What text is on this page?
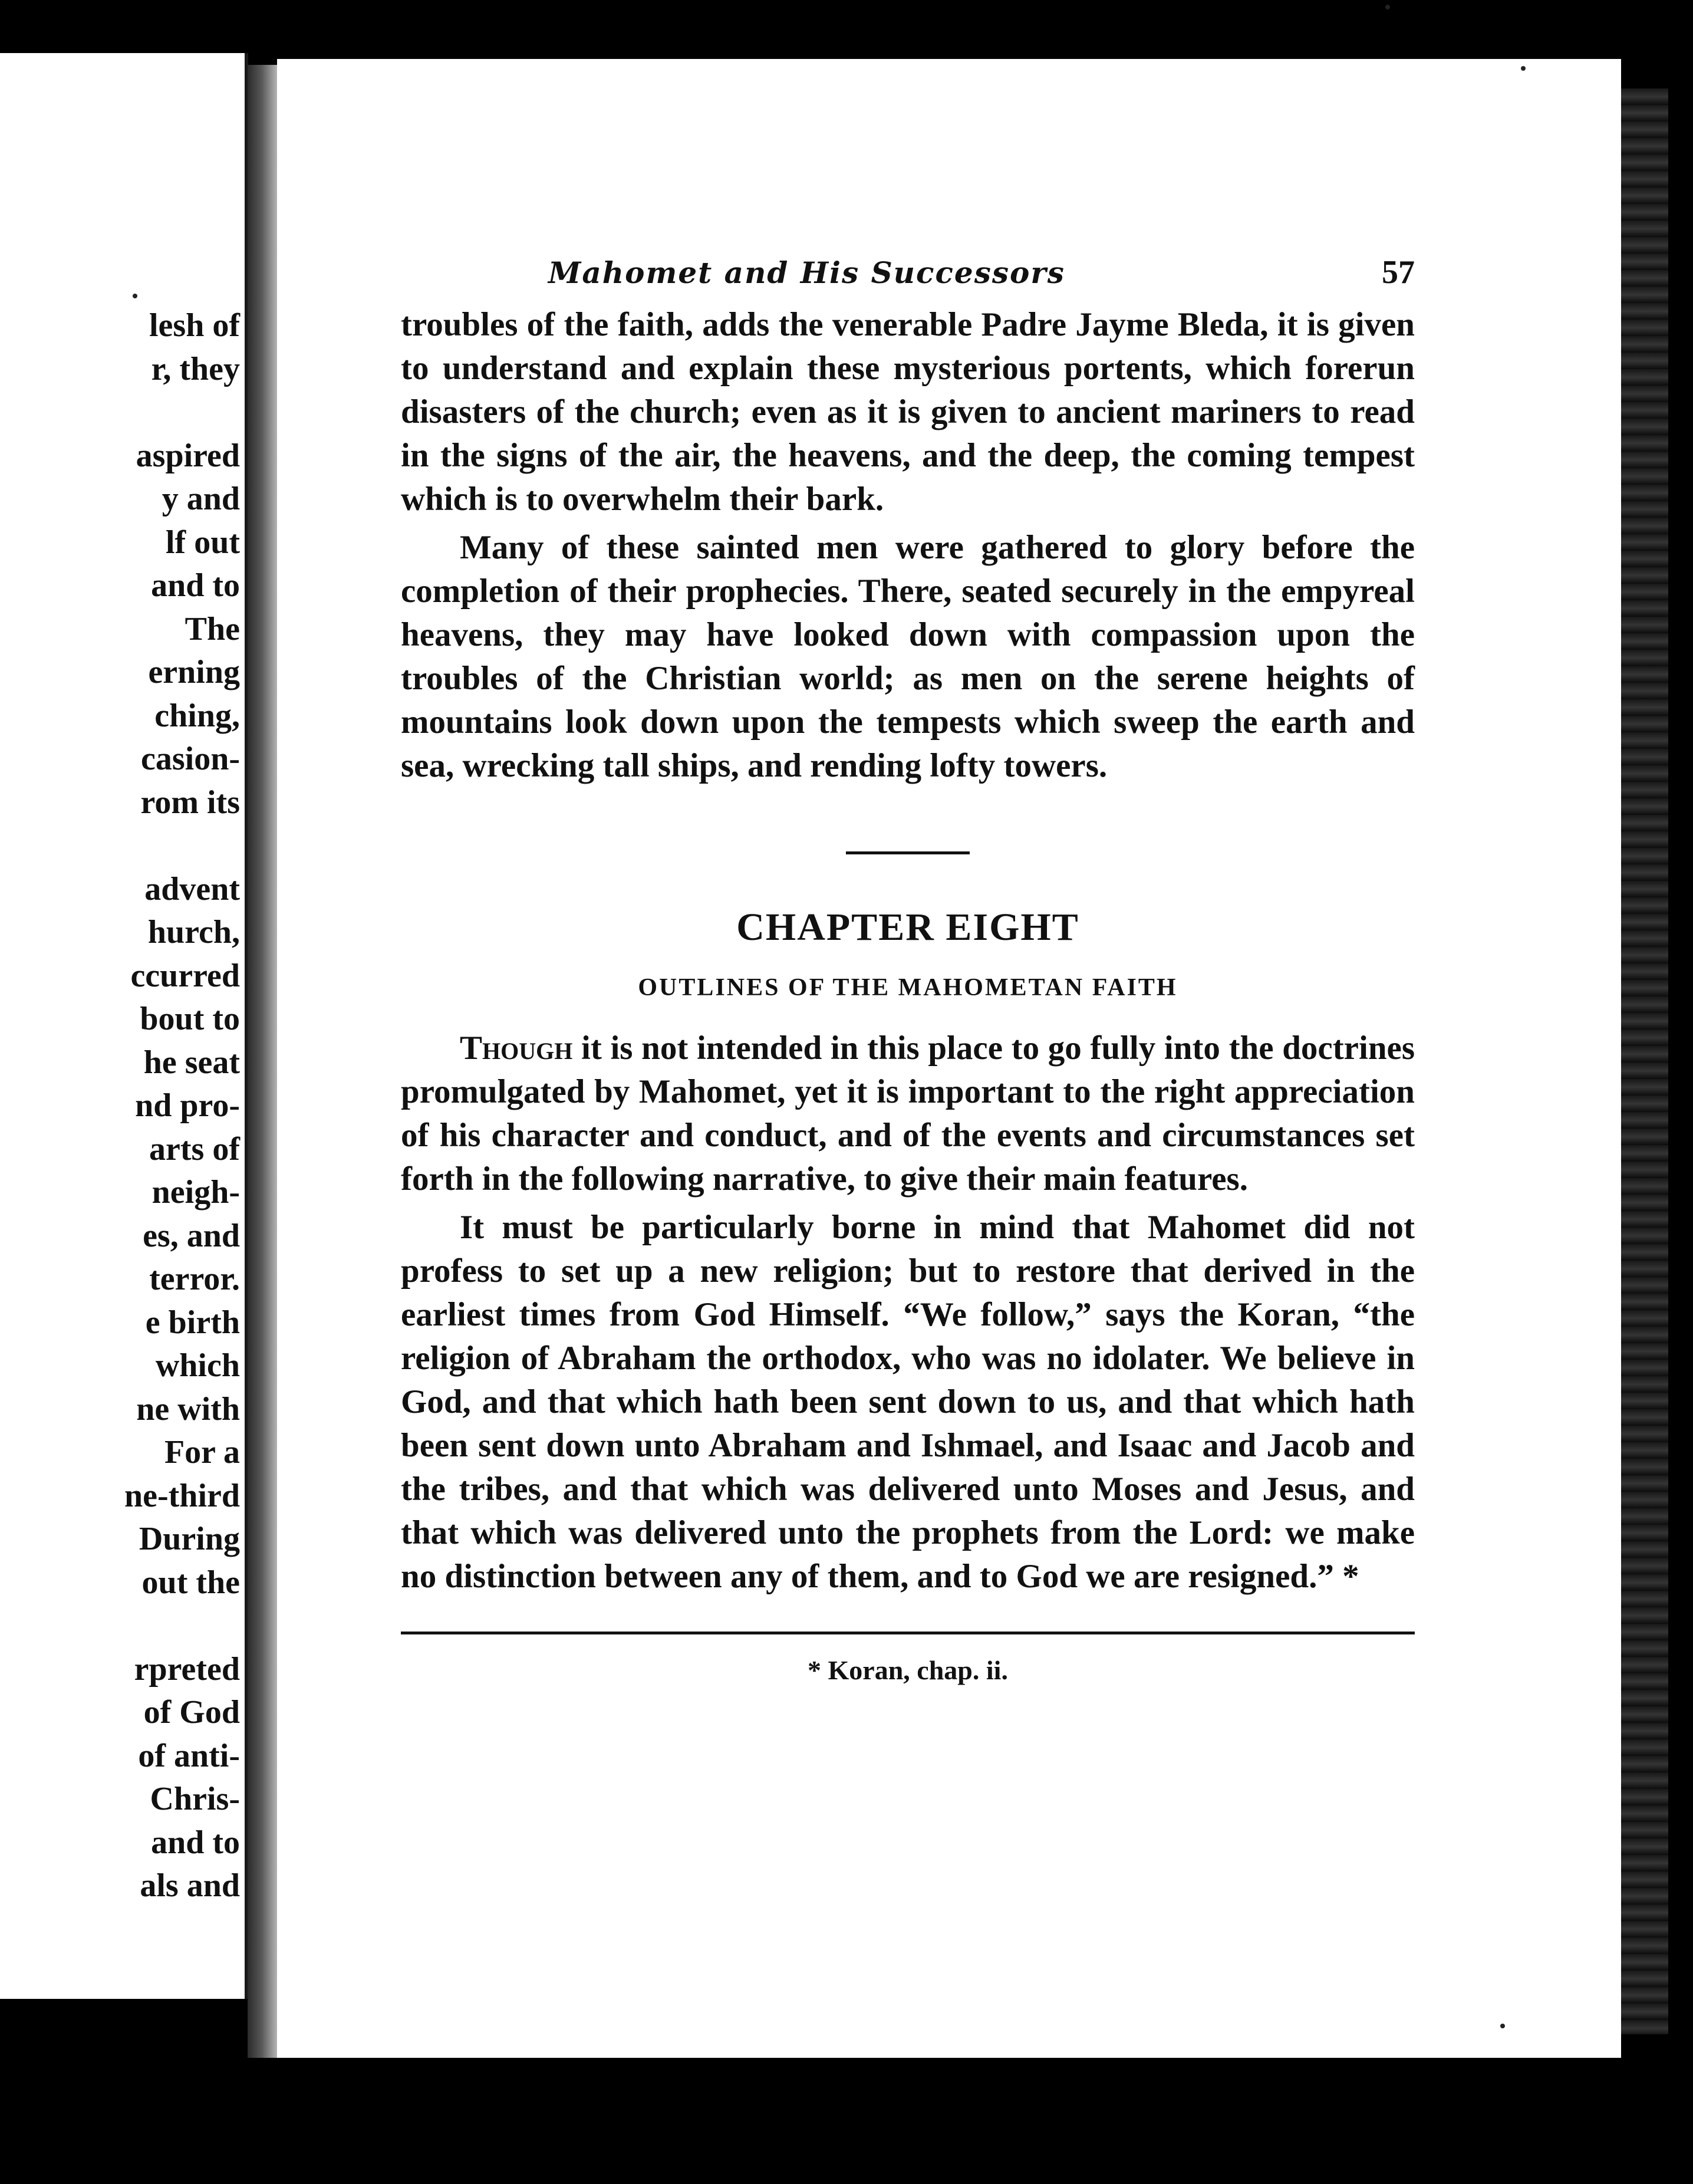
lesh of
r, they
aspired
y and
lf out
and to
The
erning
ching,
casion-
rom its
advent
hurch,
ccurred
bout to
he seat
nd pro-
arts of
neigh-
es, and
terror.
e birth
which
ne with
For a
ne-third
During
out the
rpreted
of God
of anti-
Chris-
and to
als and
Mahomet and His Successors	57

troubles of the faith, adds the venerable Padre Jayme Bleda, it is given to understand and explain these mysterious portents, which forerun disasters of the church; even as it is given to ancient mariners to read in the signs of the air, the heavens, and the deep, the coming tempest which is to overwhelm their bark.

Many of these sainted men were gathered to glory before the completion of their prophecies. There, seated securely in the empyreal heavens, they may have looked down with compassion upon the troubles of the Christian world; as men on the serene heights of mountains look down upon the tempests which sweep the earth and sea, wrecking tall ships, and rending lofty towers.

CHAPTER EIGHT
OUTLINES OF THE MAHOMETAN FAITH

Though it is not intended in this place to go fully into the doctrines promulgated by Mahomet, yet it is important to the right appreciation of his character and conduct, and of the events and circumstances set forth in the following narrative, to give their main features.

It must be particularly borne in mind that Mahomet did not profess to set up a new religion; but to restore that derived in the earliest times from God Himself. “We follow,” says the Koran, “the religion of Abraham the orthodox, who was no idolater. We believe in God, and that which hath been sent down to us, and that which hath been sent down unto Abraham and Ishmael, and Isaac and Jacob and the tribes, and that which was delivered unto Moses and Jesus, and that which was delivered unto the prophets from the Lord: we make no distinction between any of them, and to God we are resigned.” *

* Koran, chap. ii.
